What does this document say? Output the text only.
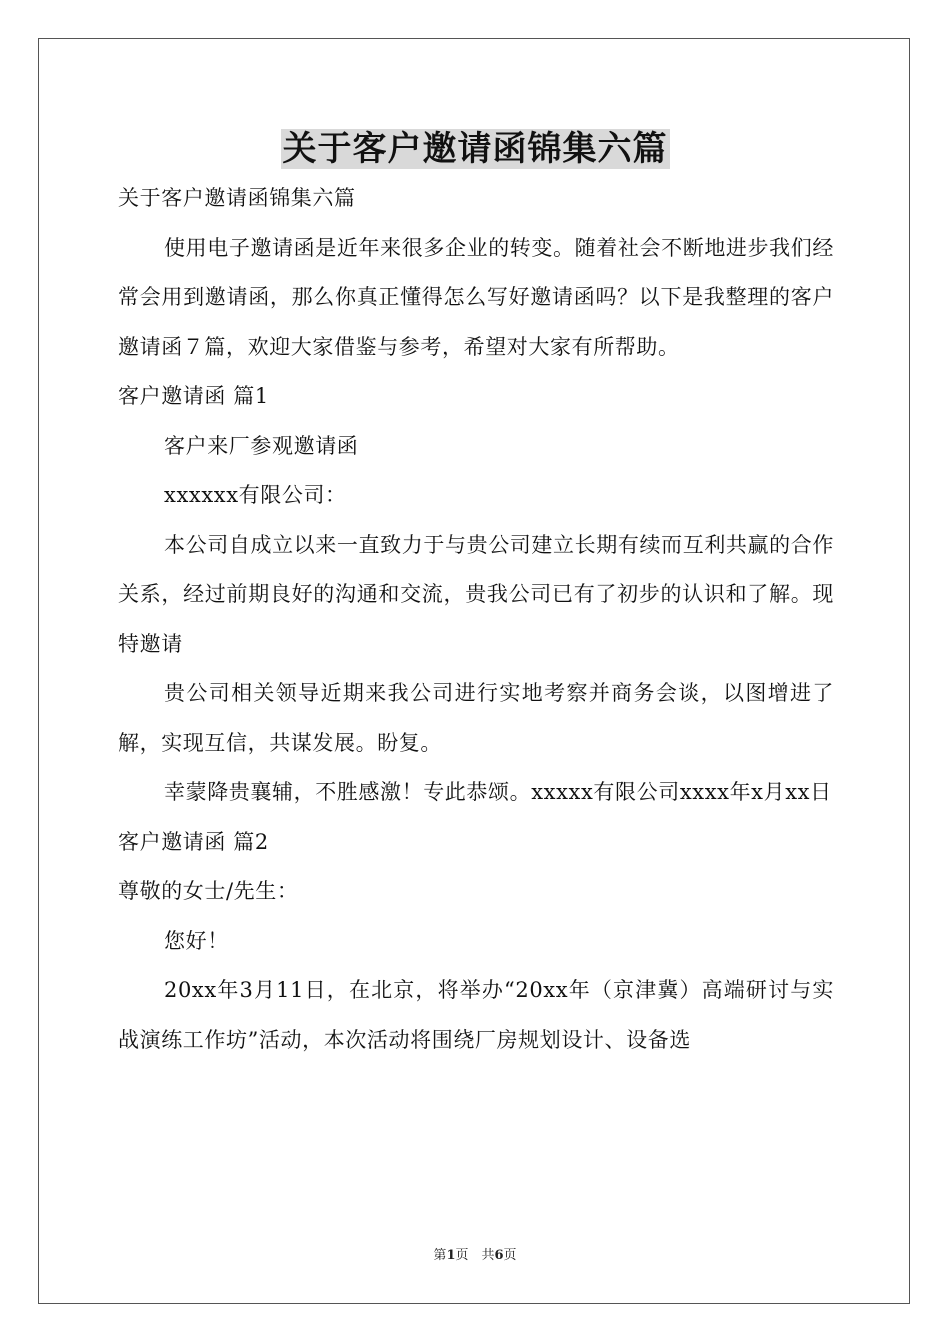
关于客户邀请函锦集六篇

关于客户邀请函锦集六篇

使用电子邀请函是近年来很多企业的转变。随着社会不断地进步我们经常会用到邀请函，那么你真正懂得怎么写好邀请函吗？以下是我整理的客户邀请函７篇，欢迎大家借鉴与参考，希望对大家有所帮助。

客户邀请函 篇1

客户来厂参观邀请函

xxxxxx有限公司：

本公司自成立以来一直致力于与贵公司建立长期有续而互利共赢的合作关系，经过前期良好的沟通和交流，贵我公司已有了初步的认识和了解。现特邀请

贵公司相关领导近期来我公司进行实地考察并商务会谈，以图增进了解，实现互信，共谋发展。盼复。

幸蒙降贵襄辅，不胜感激！专此恭颂。xxxxx有限公司xxxx年x月xx日

客户邀请函 篇2

尊敬的女士/先生：

您好！

20xx年3月11日，在北京，将举办“20xx年（京津冀）高端研讨与实战演练工作坊”活动，本次活动将围绕厂房规划设计、设备选

第1页　共6页
